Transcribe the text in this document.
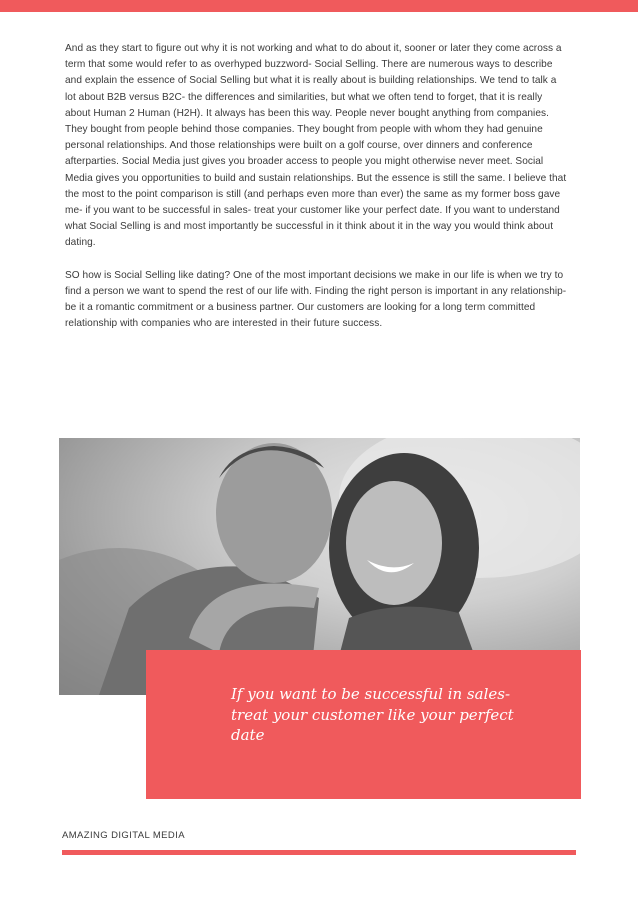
And as they start to figure out why it is not working and what to do about it, sooner or later they come across a term that some would refer to as overhyped buzzword- Social Selling. There are numerous ways to describe and explain the essence of Social Selling but what it is really about is building relationships. We tend to talk a lot about B2B versus B2C- the differences and similarities, but what we often tend to forget, that it is really about Human 2 Human (H2H). It always has been this way. People never bought anything from companies. They bought from people behind those companies. They bought from people with whom they had genuine personal relationships. And those relationships were built on a golf course, over dinners and conference afterparties. Social Media just gives you broader access to people you might otherwise never meet. Social Media gives you opportunities to build and sustain relationships. But the essence is still the same. I believe that the most to the point comparison is still (and perhaps even more than ever) the same as my former boss gave me- if you want to be successful in sales- treat your customer like your perfect date. If you want to understand what Social Selling is and most importantly be successful in it think about it in the way you would think about dating.

SO how is Social Selling like dating? One of the most important decisions we make in our life is when we try to find a person we want to spend the rest of our life with. Finding the right person is important in any relationship- be it a romantic commitment or a business partner. Our customers are looking for a long term committed relationship with companies who are interested in their future success.

If you want to be successful in sales- treat your customer like your perfect date

AMAZING DIGITAL MEDIA
